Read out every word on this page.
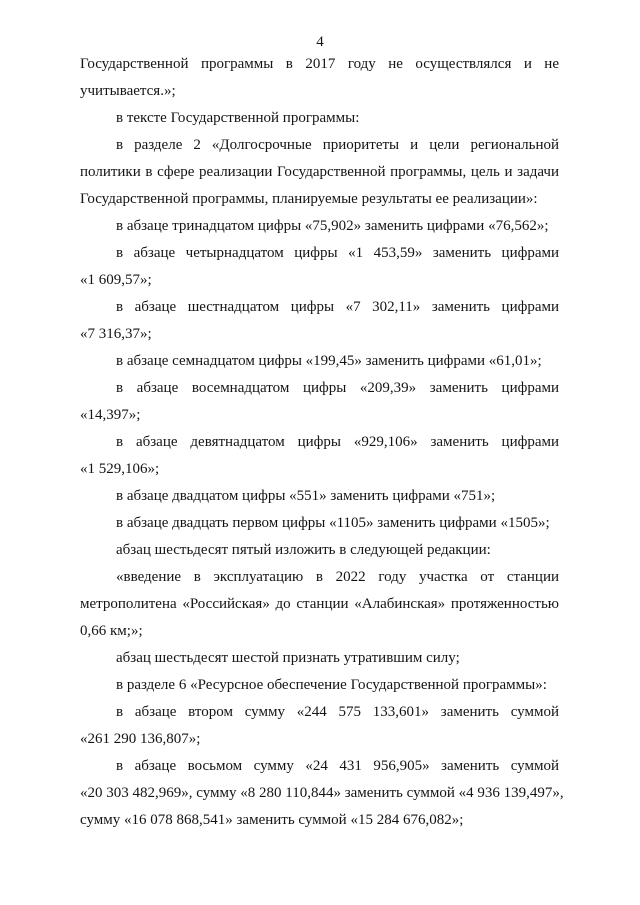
4
Государственной программы в 2017 году не осуществлялся и не
учитывается.»;
в тексте Государственной программы:
в разделе 2 «Долгосрочные приоритеты и цели региональной
политики в сфере реализации Государственной программы, цель и задачи
Государственной программы, планируемые результаты ее реализации»:
в абзаце тринадцатом цифры «75,902» заменить цифрами «76,562»;
в абзаце четырнадцатом цифры «1 453,59» заменить цифрами
«1 609,57»;
в абзаце шестнадцатом цифры «7 302,11» заменить цифрами
«7 316,37»;
в абзаце семнадцатом цифры «199,45» заменить цифрами «61,01»;
в абзаце восемнадцатом цифры «209,39» заменить цифрами
«14,397»;
в абзаце девятнадцатом цифры «929,106» заменить цифрами
«1 529,106»;
в абзаце двадцатом цифры «551» заменить цифрами «751»;
в абзаце двадцать первом цифры «1105» заменить цифрами «1505»;
абзац шестьдесят пятый изложить в следующей редакции:
«введение в эксплуатацию в 2022 году участка от станции
метрополитена «Российская» до станции «Алабинская» протяженностью
0,66 км;»;
абзац шестьдесят шестой признать утратившим силу;
в разделе 6 «Ресурсное обеспечение Государственной программы»:
в абзаце втором сумму «244 575 133,601» заменить суммой
«261 290 136,807»;
в абзаце восьмом сумму «24 431 956,905» заменить суммой
«20 303 482,969», сумму «8 280 110,844» заменить суммой «4 936 139,497»,
сумму «16 078 868,541» заменить суммой «15 284 676,082»;
